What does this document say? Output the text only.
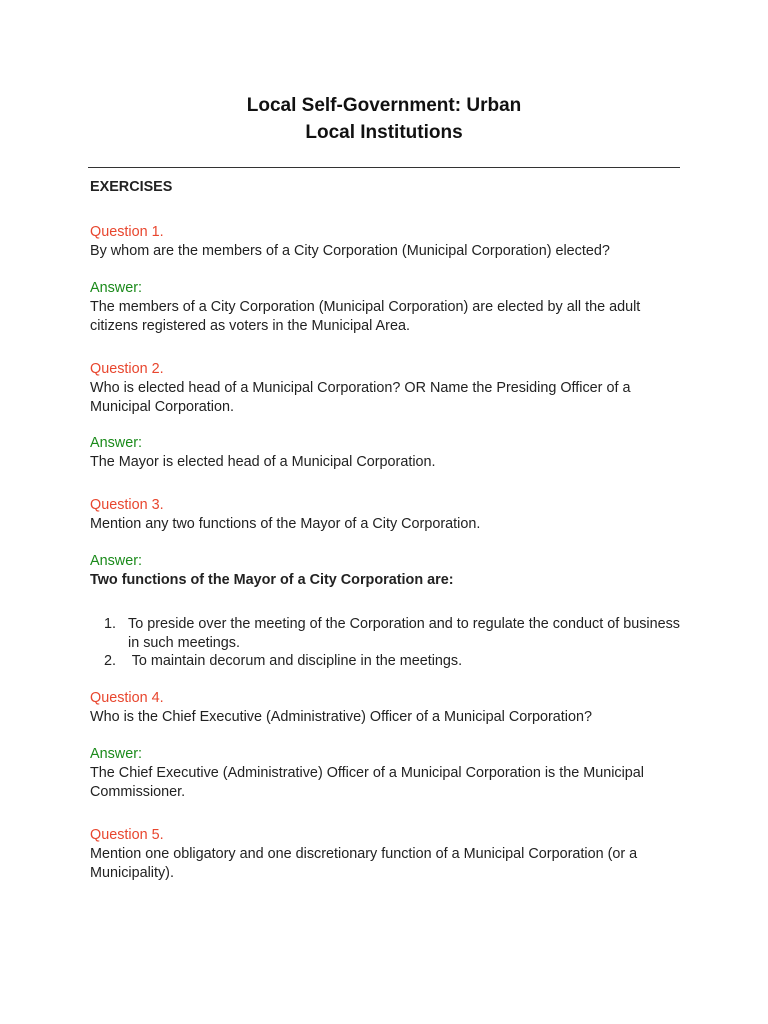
Local Self-Government: Urban
Local Institutions
EXERCISES
Question 1.
By whom are the members of a City Corporation (Municipal Corporation) elected?
Answer:
The members of a City Corporation (Municipal Corporation) are elected by all the adult citizens registered as voters in the Municipal Area.
Question 2.
Who is elected head of a Municipal Corporation? OR Name the Presiding Officer of a Municipal Corporation.
Answer:
The Mayor is elected head of a Municipal Corporation.
Question 3.
Mention any two functions of the Mayor of a City Corporation.
Answer:
Two functions of the Mayor of a City Corporation are:
1. To preside over the meeting of the Corporation and to regulate the conduct of business in such meetings.
2. To maintain decorum and discipline in the meetings.
Question 4.
Who is the Chief Executive (Administrative) Officer of a Municipal Corporation?
Answer:
The Chief Executive (Administrative) Officer of a Municipal Corporation is the Municipal Commissioner.
Question 5.
Mention one obligatory and one discretionary function of a Municipal Corporation (or a Municipality).
